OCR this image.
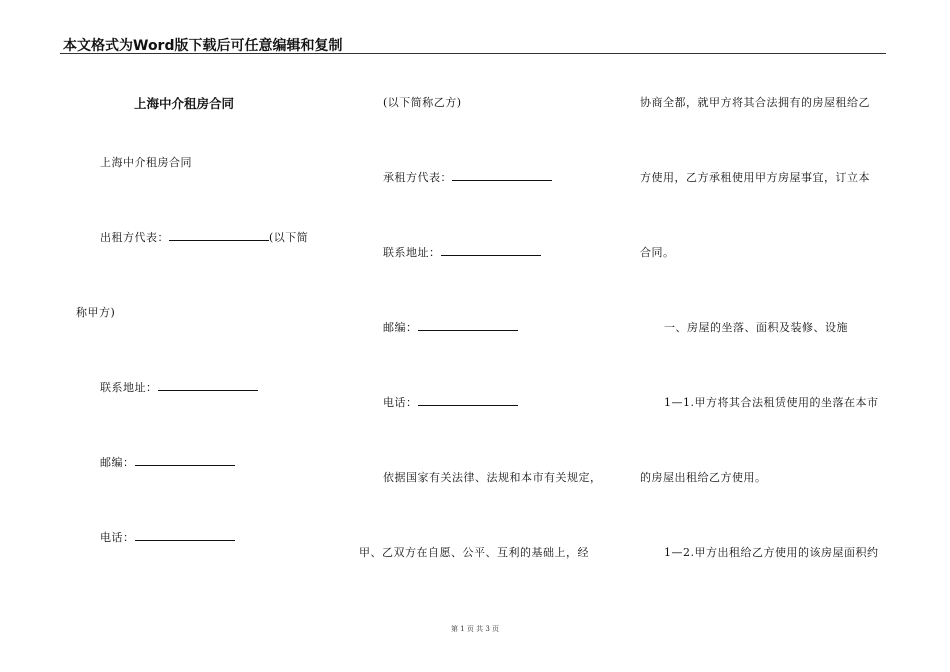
本文格式为Word版下载后可任意编辑和复制
上海中介租房合同
上海中介租房合同
出租方代表：	(以下简
称甲方)
联系地址：
邮编：
电话：
(以下简称乙方)
承租方代表：
联系地址：
邮编：
电话：
依据国家有关法律、法规和本市有关规定，
甲、乙双方在自愿、公平、互利的基础上，经
协商全都，就甲方将其合法拥有的房屋租给乙
方使用，乙方承租使用甲方房屋事宜，订立本
合同。
一、房屋的坐落、面积及装修、设施
1—1.甲方将其合法租赁使用的坐落在本市
的房屋出租给乙方使用。
1—2.甲方出租给乙方使用的该房屋面积约
第 1 页 共 3 页
